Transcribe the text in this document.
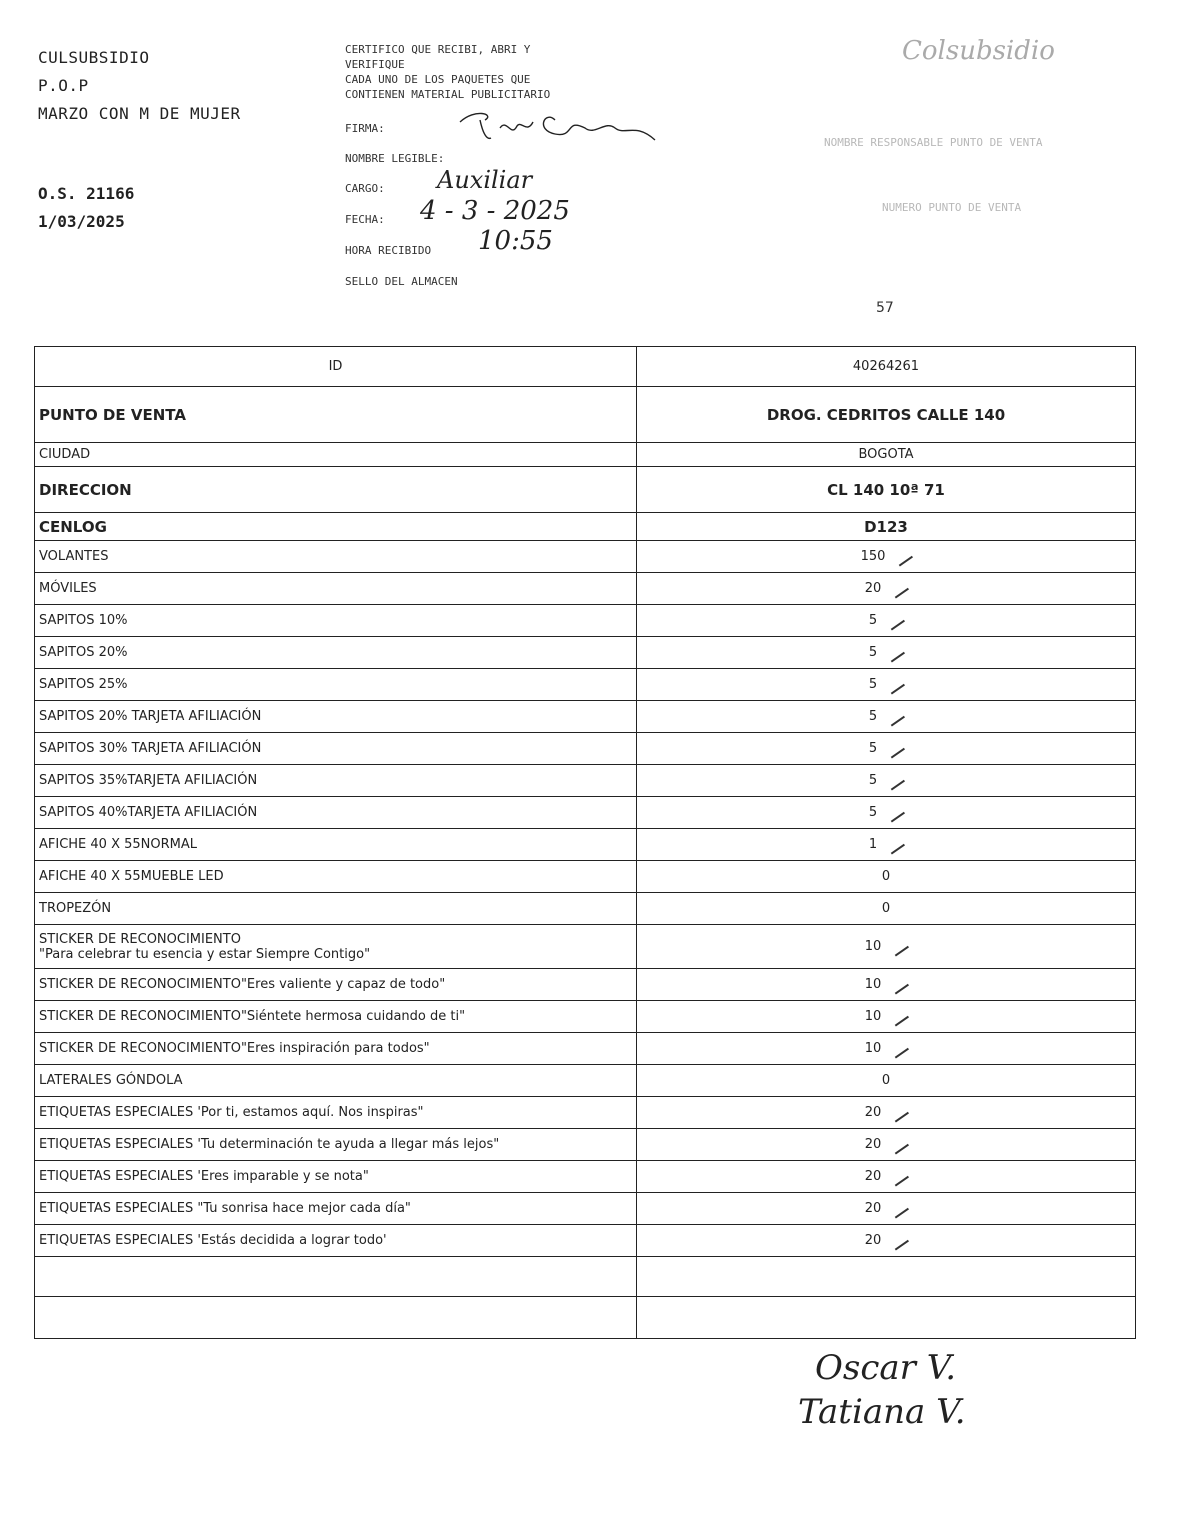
CULSUBSIDIO
P.O.P
MARZO CON M DE MUJER
O.S. 21166
1/03/2025
CERTIFICO QUE RECIBI, ABRI Y
VERIFIQUE
CADA UNO DE LOS PAQUETES QUE
CONTIENEN MATERIAL PUBLICITARIO
FIRMA:
NOMBRE LEGIBLE:
CARGO: Auxiliar
FECHA: 4 - 3 - 2025
HORA RECIBIDO 10:55
SELLO DEL ALMACEN
Colsubsidio
NOMBRE RESPONSABLE PUNTO DE VENTA
NUMERO PUNTO DE VENTA
57
ID	40264261
PUNTO DE VENTA	DROG. CEDRITOS CALLE 140
CIUDAD	BOGOTA
DIRECCION	CL 140 10ª 71
CENLOG	D123
VOLANTES	150
MÓVILES	20
SAPITOS 10%	5
SAPITOS 20%	5
SAPITOS 25%	5
SAPITOS 20% TARJETA AFILIACIÓN	5
SAPITOS 30% TARJETA AFILIACIÓN	5
SAPITOS 35%TARJETA AFILIACIÓN	5
SAPITOS 40%TARJETA AFILIACIÓN	5
AFICHE 40 X 55NORMAL	1
AFICHE 40 X 55MUEBLE LED	0
TROPEZÓN	0
STICKER DE RECONOCIMIENTO
"Para celebrar tu esencia y estar Siempre Contigo"	10
STICKER DE RECONOCIMIENTO"Eres valiente y capaz de todo"	10
STICKER DE RECONOCIMIENTO"Siéntete hermosa cuidando de ti"	10
STICKER DE RECONOCIMIENTO"Eres inspiración para todos"	10
LATERALES GÓNDOLA	0
ETIQUETAS ESPECIALES 'Por ti, estamos aquí. Nos inspiras"	20
ETIQUETAS ESPECIALES 'Tu determinación te ayuda a llegar más lejos"	20
ETIQUETAS ESPECIALES 'Eres imparable y se nota"	20
ETIQUETAS ESPECIALES "Tu sonrisa hace mejor cada día"	20
ETIQUETAS ESPECIALES 'Estás decidida a lograr todo'	20

Oscar V.
Tatiana V.
